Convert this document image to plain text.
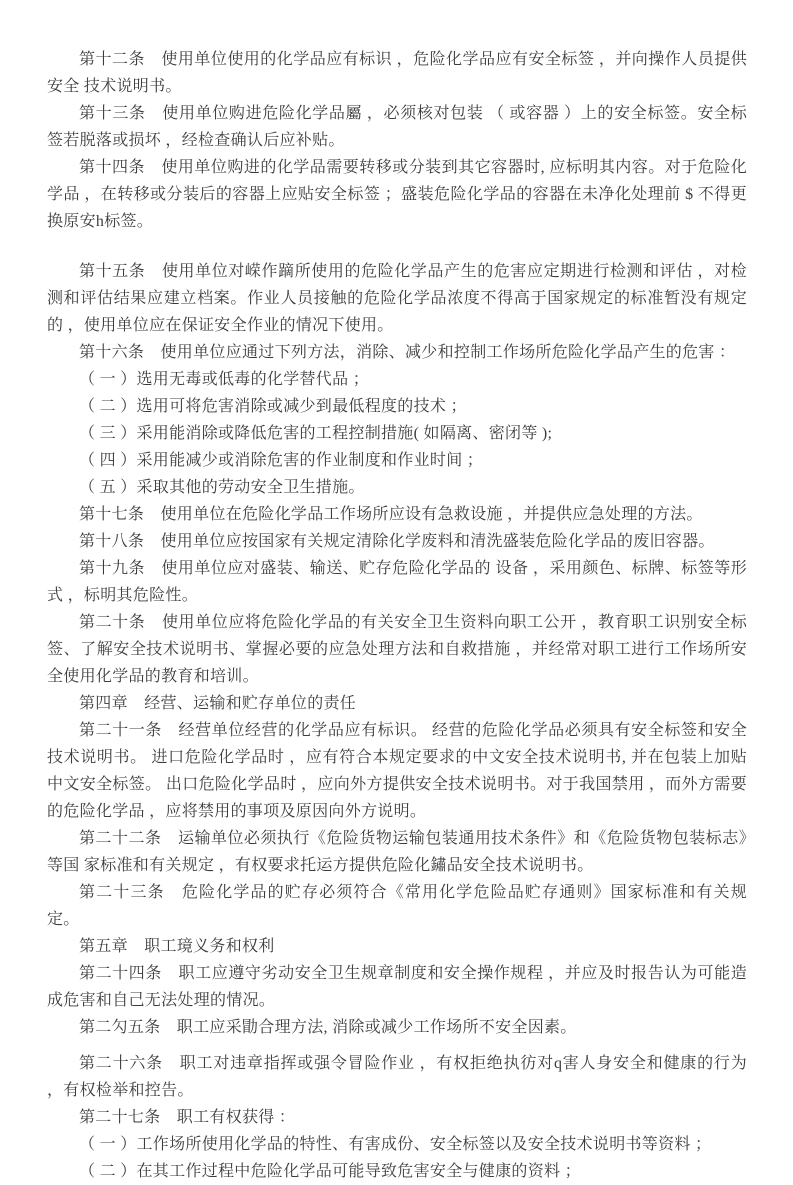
第十二条　使用单位使用的化学品应有标识 ，危险化学品应有安全标签 ，并向操作人员提供安全 技术说明书。

第十三条　使用单位购进危险化学品屬 ，必须核对包装 （ 或容器 ）上的安全标签。安全标签若脱落或损坏 ，经检查确认后应补贴。

第十四条　使用单位购进的化学品需要转移或分装到其它容器时, 应标明其内容。对于危险化学品 ，在转移或分装后的容器上应贴安全标签 ；盛装危险化学品的容器在未净化处理前 $ 不得更换原安h标签。

第十五条　使用单位对嵘作蹢所使用的危险化学品产生的危害应定期进行检测和评估 ，对检测和评估结果应建立档案。作业人员接触的危险化学品浓度不得高于国家规定的标准暂没有规定的 ，使用单位应在保证安全作业的情况下使用。

第十六条　使用单位应通过下列方法，消除、减少和控制工作场所危险化学品产生的危害 ：

（ 一 ）选用无毒或低毒的化学替代品 ；

（ 二 ）选用可将危害消除或减少到最低程度的技术 ；

（ 三 ）采用能消除或降低危害的工程控制措施( 如隔离、密闭等 );

（ 四 ）采用能减少或消除危害的作业制度和作业时间 ；

（ 五 ）采取其他的劳动安全卫生措施。

第十七条　使用单位在危险化学品工作场所应设有急救设施 ，并提供应急处理的方法。

第十八条　使用单位应按国家有关规定清除化学废料和清洗盛装危险化学品的废旧容器。

第十九条　使用单位应对盛装、输送、贮存危险化学品的 设备 ，采用颜色、标牌、标签等形式 ，标明其危险性。

第二十条　使用单位应将危险化学品的有关安全卫生资料向职工公开 ，教育职工识别安全标签、了解安全技术说明书、掌握必要的应急处理方法和自救措施 ，并经常对职工进行工作场所安全使用化学品的教育和培训。

第四章　经营、运输和贮存单位的责任

第二十一条　经营单位经营的化学品应有标识。 经营的危险化学品必须具有安全标签和安全技术说明书。 进口危险化学品时 ，应有符合本规定要求的中文安全技术说明书, 并在包装上加贴中文安全标签。 出口危险化学品时 ，应向外方提供安全技术说明书。对于我国禁用 ，而外方需要的危险化学品 ，应将禁用的事项及原因向外方说明。

第二十二条　运输单位必须执行《危险货物运输包装通用技术条件》和《危险货物包装标志》等国 家标准和有关规定 ，有权要求托运方提供危险化鏽品安全技术说明书。

第二十三条　危险化学品的贮存必须符合《常用化学危险品贮存通则》国家标准和有关规定。

第五章　职工璄义务和权利

第二十四条　职工应遵守劣动安全卫生规章制度和安全操作规程 ，并应及时报告认为可能造成危害和自己无法处理的情况。

第二勽五条　职工应采勖合理方法, 消除或减少工作场所不安全因素。

第二十六条　职工对违章指挥或强令冒险作业 ，有权拒绝执彷对q害人身安全和健康的行为 ，有权检举和控告。

第二十七条　职工有权获得 ：

（ 一 ）工作场所使用化学品的特性、有害成份、安全标签以及安全技术说明书等资料 ；

（ 二 ）在其工作过程中危险化学品可能导致危害安全与健康的资料 ；
